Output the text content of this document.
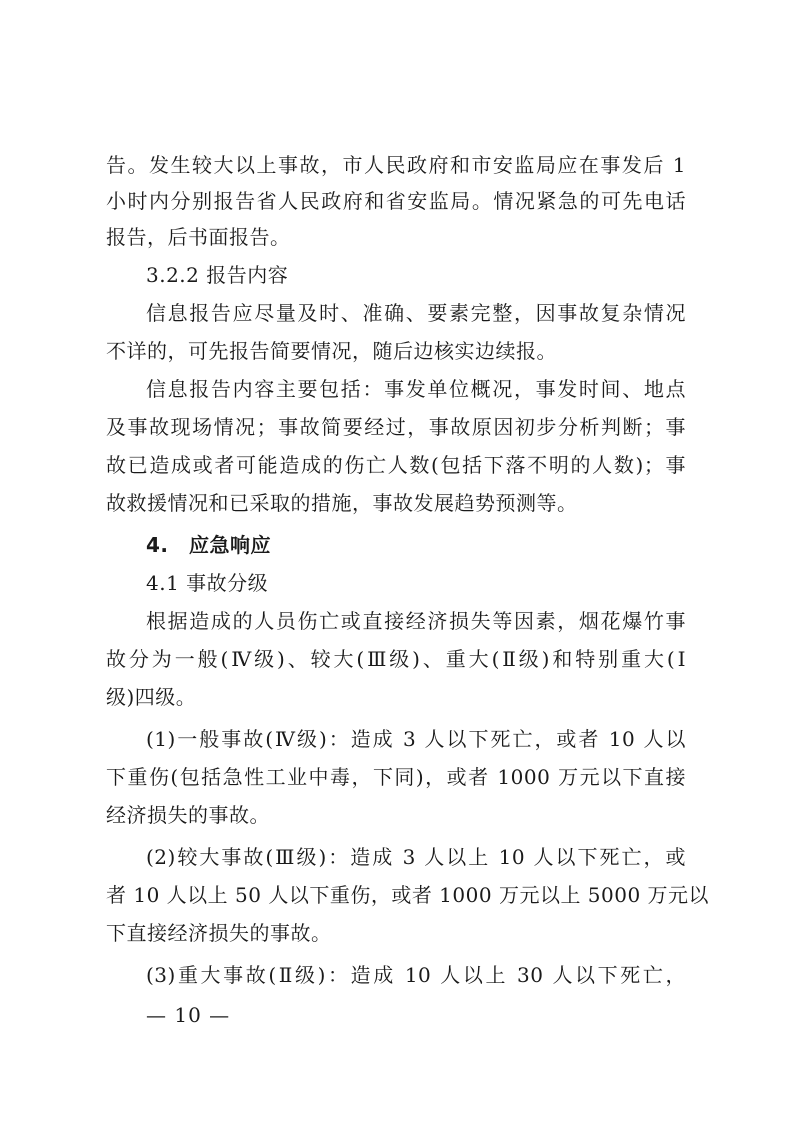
告。发生较大以上事故，市人民政府和市安监局应在事发后 1
小时内分别报告省人民政府和省安监局。情况紧急的可先电话
报告，后书面报告。
3.2.2 报告内容
信息报告应尽量及时、准确、要素完整，因事故复杂情况
不详的，可先报告简要情况，随后边核实边续报。
信息报告内容主要包括：事发单位概况，事发时间、地点
及事故现场情况；事故简要经过，事故原因初步分析判断；事
故已造成或者可能造成的伤亡人数(包括下落不明的人数)；事
故救援情况和已采取的措施，事故发展趋势预测等。
4.　应急响应
4.1 事故分级
根据造成的人员伤亡或直接经济损失等因素，烟花爆竹事
故分为一般(Ⅳ级)、较大(Ⅲ级)、重大(Ⅱ级)和特别重大(Ⅰ
级)四级。
(1)一般事故(Ⅳ级)：造成 3 人以下死亡，或者 10 人以
下重伤(包括急性工业中毒，下同)，或者 1000 万元以下直接
经济损失的事故。
(2)较大事故(Ⅲ级)：造成 3 人以上 10 人以下死亡，或
者 10 人以上 50 人以下重伤，或者 1000 万元以上 5000 万元以
下直接经济损失的事故。
(3)重大事故(Ⅱ级)：造成 10 人以上 30 人以下死亡，
— 10 —
